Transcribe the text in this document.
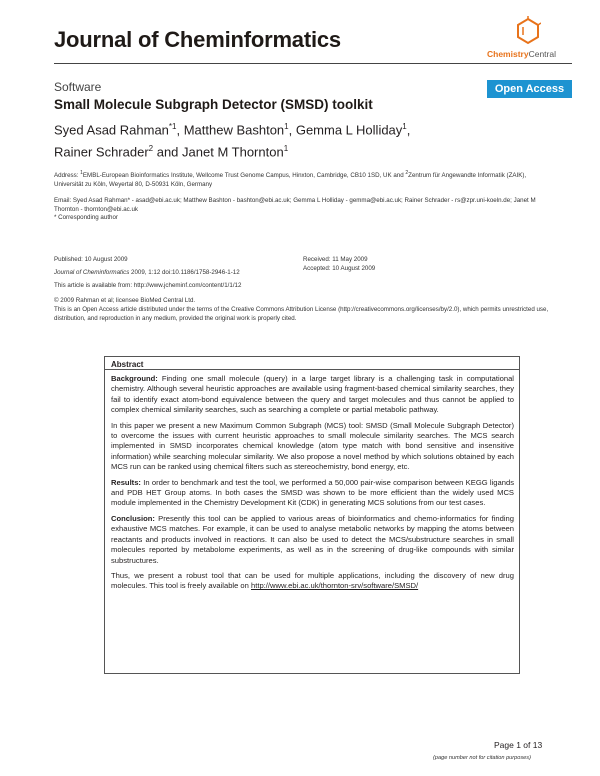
Journal of Cheminformatics
ChemistryCentral
Software	Open Access
Small Molecule Subgraph Detector (SMSD) toolkit
Syed Asad Rahman$^{*1}$, Matthew Bashton$^1$, Gemma L Holliday$^1$,
Rainer Schrader$^2$ and Janet M Thornton$^1$
Address: $^1$EMBL-European Bioinformatics Institute, Wellcome Trust Genome Campus, Hinxton, Cambridge, CB10 1SD, UK and $^2$Zentrum für Angewandte Informatik (ZAIK), Universität zu Köln, Weyertal 80, D-50931 Köln, Germany
Email: Syed Asad Rahman* - asad@ebi.ac.uk; Matthew Bashton - bashton@ebi.ac.uk; Gemma L Holliday - gemma@ebi.ac.uk; Rainer Schrader - rs@zpr.uni-koeln.de; Janet M Thornton - thornton@ebi.ac.uk
* Corresponding author
Published: 10 August 2009
Journal of Cheminformatics 2009, 1:12 doi:10.1186/1758-2946-1-12
This article is available from: http://www.jcheminf.com/content/1/1/12
Received: 11 May 2009
Accepted: 10 August 2009
© 2009 Rahman et al; licensee BioMed Central Ltd.
This is an Open Access article distributed under the terms of the Creative Commons Attribution License (http://creativecommons.org/licenses/by/2.0), which permits unrestricted use, distribution, and reproduction in any medium, provided the original work is properly cited.
Abstract

Background: Finding one small molecule (query) in a large target library is a challenging task in computational chemistry. Although several heuristic approaches are available using fragment-based chemical similarity searches, they fail to identify exact atom-bond equivalence between the query and target molecules and thus cannot be applied to complex chemical similarity searches, such as searching a complete or partial metabolic pathway.

In this paper we present a new Maximum Common Subgraph (MCS) tool: SMSD (Small Molecule Subgraph Detector) to overcome the issues with current heuristic approaches to small molecule similarity searches. The MCS search implemented in SMSD incorporates chemical knowledge (atom type match with bond sensitive and insensitive information) while searching molecular similarity. We also propose a novel method by which solutions obtained by each MCS run can be ranked using chemical filters such as stereochemistry, bond energy, etc.

Results: In order to benchmark and test the tool, we performed a 50,000 pair-wise comparison between KEGG ligands and PDB HET Group atoms. In both cases the SMSD was shown to be more efficient than the widely used MCS module implemented in the Chemistry Development Kit (CDK) in generating MCS solutions from our test cases.

Conclusion: Presently this tool can be applied to various areas of bioinformatics and chemo-informatics for finding exhaustive MCS matches. For example, it can be used to analyse metabolic networks by mapping the atoms between reactants and products involved in reactions. It can also be used to detect the MCS/substructure searches in small molecules reported by metabolome experiments, as well as in the screening of drug-like compounds with similar substructures.

Thus, we present a robust tool that can be used for multiple applications, including the discovery of new drug molecules. This tool is freely available on http://www.ebi.ac.uk/thornton-srv/software/SMSD/

Page 1 of 13
(page number not for citation purposes)
